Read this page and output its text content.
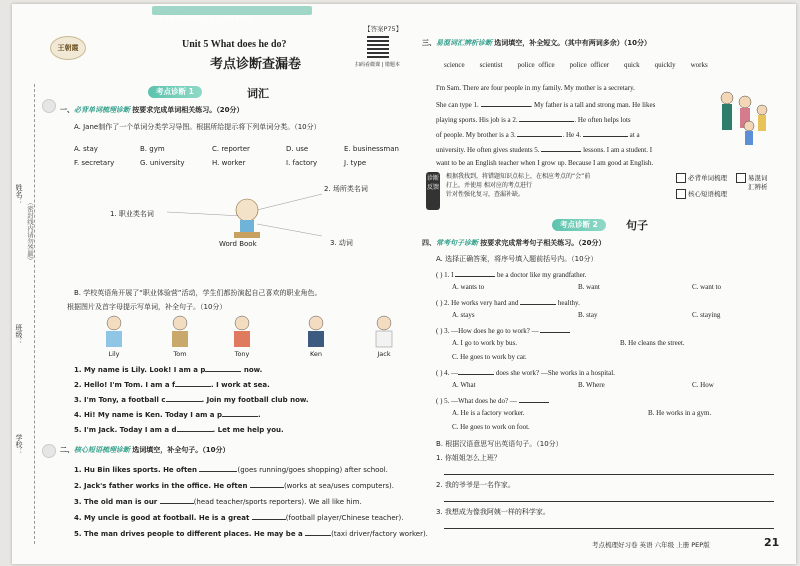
考点聚焦与复习 英语 六年级 PEP版
姓名：
（密封线内请勿答题）
班级：
学校：
王朝霞
【答案P75】
Unit 5 What does he do?
考点诊断查漏卷	扫码看微课 | 错题本
考点诊断 1	词汇
一、必背单词梳理诊断 按要求完成单词相关练习。（20分）
A. Jane制作了一个单词分类学习导图。根据所给提示将下列单词分类。（10分）
A. stay	B. gym	C. reporter	D. use	E. businessman
F. secretary	G. university	H. worker	I. factory	J. type
1. 职业类名词
2. 场所类名词
3. 动词
Word Book
B. 学校英语角开展了“职业体验营”活动，学生们都扮演起自己喜欢的职业角色。
根据图片及首字母提示写单词，补全句子。（10分）
Lily	Tom	Tony	Ken	Jack
1. My name is Lily. Look! I am a p	now.
2. Hello! I'm Tom. I am a f	. I work at sea.
3. I'm Tony, a football c	. Join my football club now.
4. Hi! My name is Ken. Today I am a p	.
5. I'm Jack. Today I am a d	. Let me help you.
二、核心短语梳理诊断 选词填空，补全句子。（10分）
1. Hu Bin likes sports. He often	(goes running/goes shopping) after school.
2. Jack's father works in the office. He often	(works at sea/uses computers).
3. The old man is our	(head teacher/sports reporters). We all like him.
4. My uncle is good at football. He is a great	(football player/Chinese teacher).
5. The man drives people to different places. He may be a	(taxi driver/factory worker).
三、易混词汇辨析诊断 选词填空，补全短文。（其中有两词多余）（10分）
science scientist police office police officer quick quickly works
I'm Sam. There are four people in my family. My mother is a secretary.
She can type 1.	. My father is a tall and strong man. He likes
playing sports. His job is a 2.	. He often helps lots
of people. My brother is a 3.	. He 4.	at a
university. He often gives students 5.	lessons. I am a student. I
want to be an English teacher when I grow up. Because I am good at English.
诊断反馈
根据我找到，将错题知识点标上，在相应考点的“会”前
打上，并使用 相对应的考点进行
针对性强化复习，查漏补缺。
必背单词梳理
核心短语梳理
易混词汇辨析
考点诊断 2	句子
四、常考句子诊断 按要求完成常考句子相关练习。（20分）
A. 选择正确答案，将序号填入题前括号内。（10分）
( ) 1. I	be a doctor like my grandfather.
A. wants to	B. want	C. want to
( ) 2. He works very hard and	healthy.
A. stays	B. stay	C. staying
( ) 3. —How does he go to work? —
A. I go to work by bus.	B. He cleans the street.
C. He goes to work by car.
( ) 4. —	does she work? —She works in a hospital.
A. What	B. Where	C. How
( ) 5. —What does he do? —
A. He is a factory worker.	B. He works in a gym.
C. He goes to work on foot.
B. 根据汉语意思写出英语句子。（10分）
1. 你姐姐怎么上班？
2. 我的爷爷是一名作家。
3. 我想成为像我阿姨一样的科学家。
考点梳理好习卷 英语 六年级 上册 PEP版	21
